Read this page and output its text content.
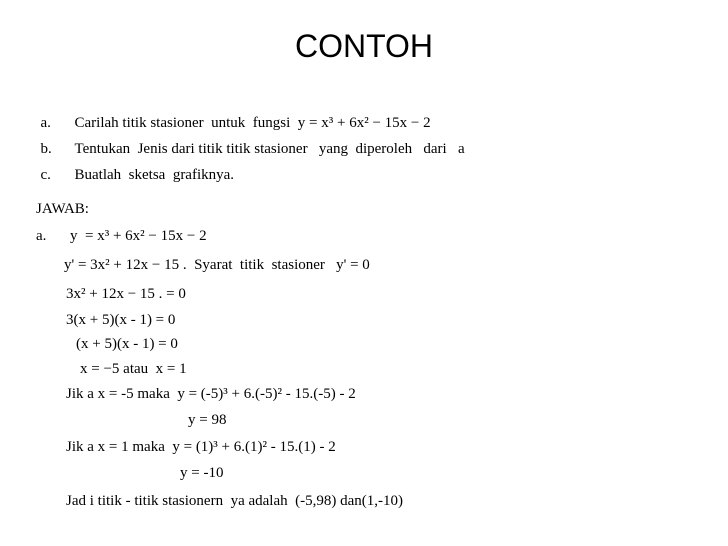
CONTOH

a. Carilah titik stasioner  untuk  fungsi  y = x³ + 6x² − 15x − 2

b. Tentukan  Jenis dari titik titik stasioner   yang  diperoleh   dari   a

c. Buatlah  sketsa  grafiknya.

JAWAB:
a. y  = x³ + 6x² − 15x − 2
y' = 3x² + 12x − 15 .  Syarat  titik  stasioner   y' = 0
3x² + 12x − 15 . = 0
3(x + 5)(x - 1) = 0
(x + 5)(x - 1) = 0
x = −5 atau  x = 1
Jik a x = -5 maka  y = (-5)³ + 6.(-5)² - 15.(-5) - 2
y = 98
Jik a x = 1 maka  y = (1)³ + 6.(1)² - 15.(1) - 2
y = -10
Jad i titik - titik stasionern  ya adalah  (-5,98) dan(1,-10)
